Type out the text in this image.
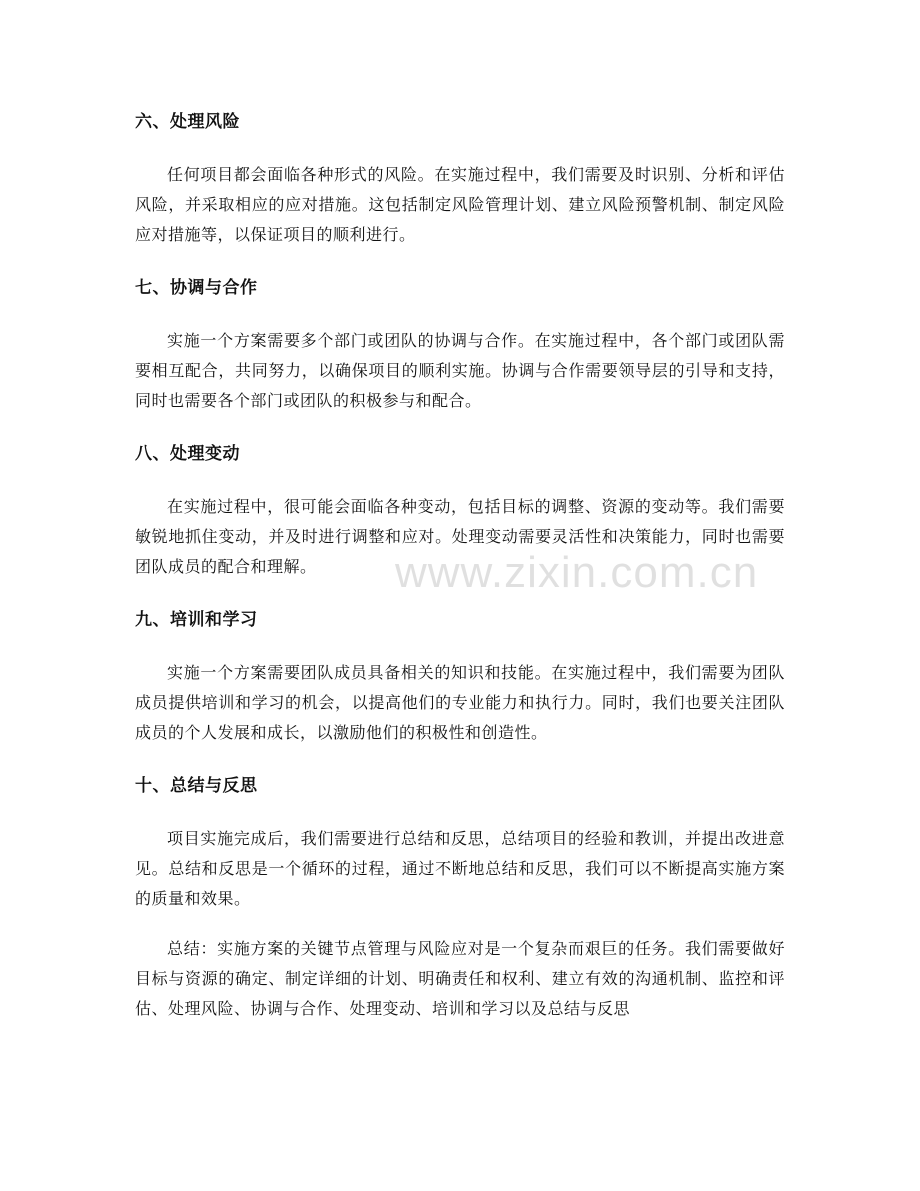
六、处理风险

任何项目都会面临各种形式的风险。在实施过程中，我们需要及时识别、分析和评估风险，并采取相应的应对措施。这包括制定风险管理计划、建立风险预警机制、制定风险应对措施等，以保证项目的顺利进行。

七、协调与合作

实施一个方案需要多个部门或团队的协调与合作。在实施过程中，各个部门或团队需要相互配合，共同努力，以确保项目的顺利实施。协调与合作需要领导层的引导和支持，同时也需要各个部门或团队的积极参与和配合。

八、处理变动

在实施过程中，很可能会面临各种变动，包括目标的调整、资源的变动等。我们需要敏锐地抓住变动，并及时进行调整和应对。处理变动需要灵活性和决策能力，同时也需要团队成员的配合和理解。

九、培训和学习

实施一个方案需要团队成员具备相关的知识和技能。在实施过程中，我们需要为团队成员提供培训和学习的机会，以提高他们的专业能力和执行力。同时，我们也要关注团队成员的个人发展和成长，以激励他们的积极性和创造性。

十、总结与反思

项目实施完成后，我们需要进行总结和反思，总结项目的经验和教训，并提出改进意见。总结和反思是一个循环的过程，通过不断地总结和反思，我们可以不断提高实施方案的质量和效果。

总结：实施方案的关键节点管理与风险应对是一个复杂而艰巨的任务。我们需要做好目标与资源的确定、制定详细的计划、明确责任和权利、建立有效的沟通机制、监控和评估、处理风险、协调与合作、处理变动、培训和学习以及总结与反思

www.zixin.com.cn
